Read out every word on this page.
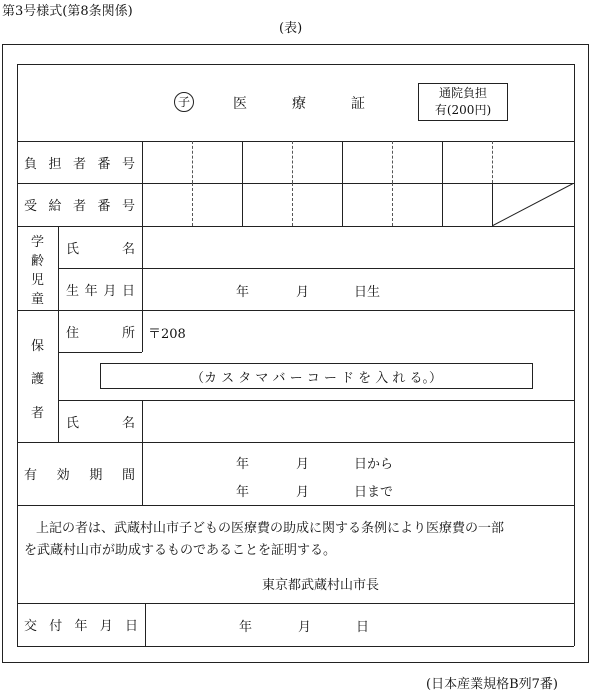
第3号様式(第8条関係)
(表)
子	医	療	証
通院負担
有(200円)
負 担 者 番 号
受 給 者 番 号
学
齢
児
童
氏	名
生 年 月 日	年	月	日生
保
護
者
住	所 〒208
（カ ス タ マ バ ー コ ー ド を 入 れ る。）
氏	名
有 効 期 間
年	月	日から
年	月	日まで
上記の者は、武蔵村山市子どもの医療費の助成に関する条例により医療費の一部
を武蔵村山市が助成するものであることを証明する。
東京都武蔵村山市長
交 付 年 月 日	年	月	日
(日本産業規格B列7番)
